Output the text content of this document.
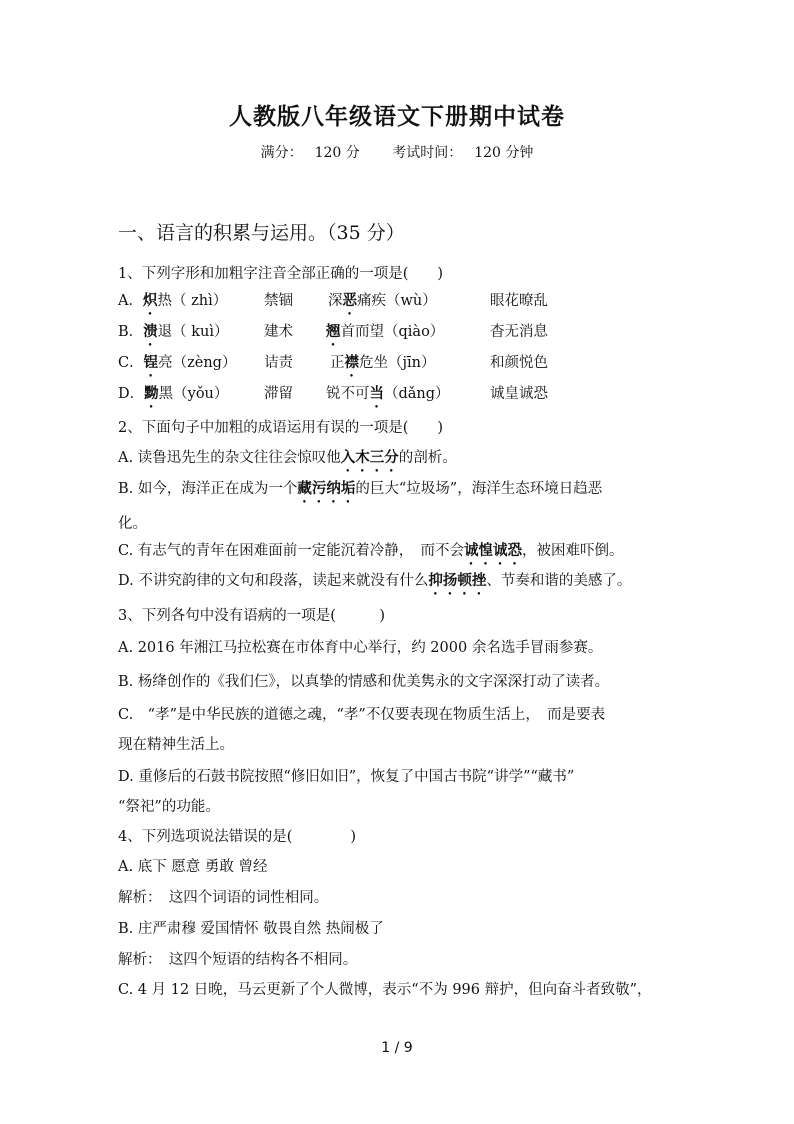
人教版八年级语文下册期中试卷
满分： 120 分 考试时间： 120 分钟
一、语言的积累与运用。（35 分）
1、下列字形和加粗字注音全部正确的一项是(　　)
A．炽热（ zhì）	禁锢 深恶痛疾（wù）	眼花暸乱
B．溃退（ kuì） 建术 翘首而望（qiào）	杳无消息
C．锃亮（zèng） 诘责	正襟危坐（jīn）	和颜悦色
D．黝黑（yǒu） 滞留 锐不可当（dǎng）	诚皇诚恐
2、下面句子中加粗的成语运用有误的一项是(　　)
A. 读鲁迅先生的杂文往往会惊叹他入木三分的剖析。
B. 如今，海洋正在成为一个藏污纳垢的巨大“垃圾场”，海洋生态环境日趋恶
化。
C. 有志气的青年在困难面前一定能沉着冷静，　而不会诚惶诚恐，被困难吓倒。
D. 不讲究韵律的文句和段落，读起来就没有什么抑扬顿挫、节奏和谐的美感了。
3、下列各句中没有语病的一项是(　　　)
A. 2016 年湘江马拉松赛在市体育中心举行，约 2000 余名选手冒雨参赛。
B. 杨绛创作的《我们仨》，以真挚的情感和优美隽永的文字深深打动了读者。
C.　“孝”是中华民族的道德之魂，“孝”不仅要表现在物质生活上，　而是要表
现在精神生活上。
D. 重修后的石鼓书院按照“修旧如旧”，恢复了中国古书院“讲学”“藏书”
“祭祀”的功能。
4、下列选项说法错误的是(　　　　)
A. 底下 愿意 勇敢 曾经
解析：　这四个词语的词性相同。
B. 庄严肃穆 爱国情怀 敬畏自然 热闹极了
解析：　这四个短语的结构各不相同。
C. 4 月 12 日晚，马云更新了个人微博，表示“不为 996 辩护，但向奋斗者致敬”，
1 / 9
